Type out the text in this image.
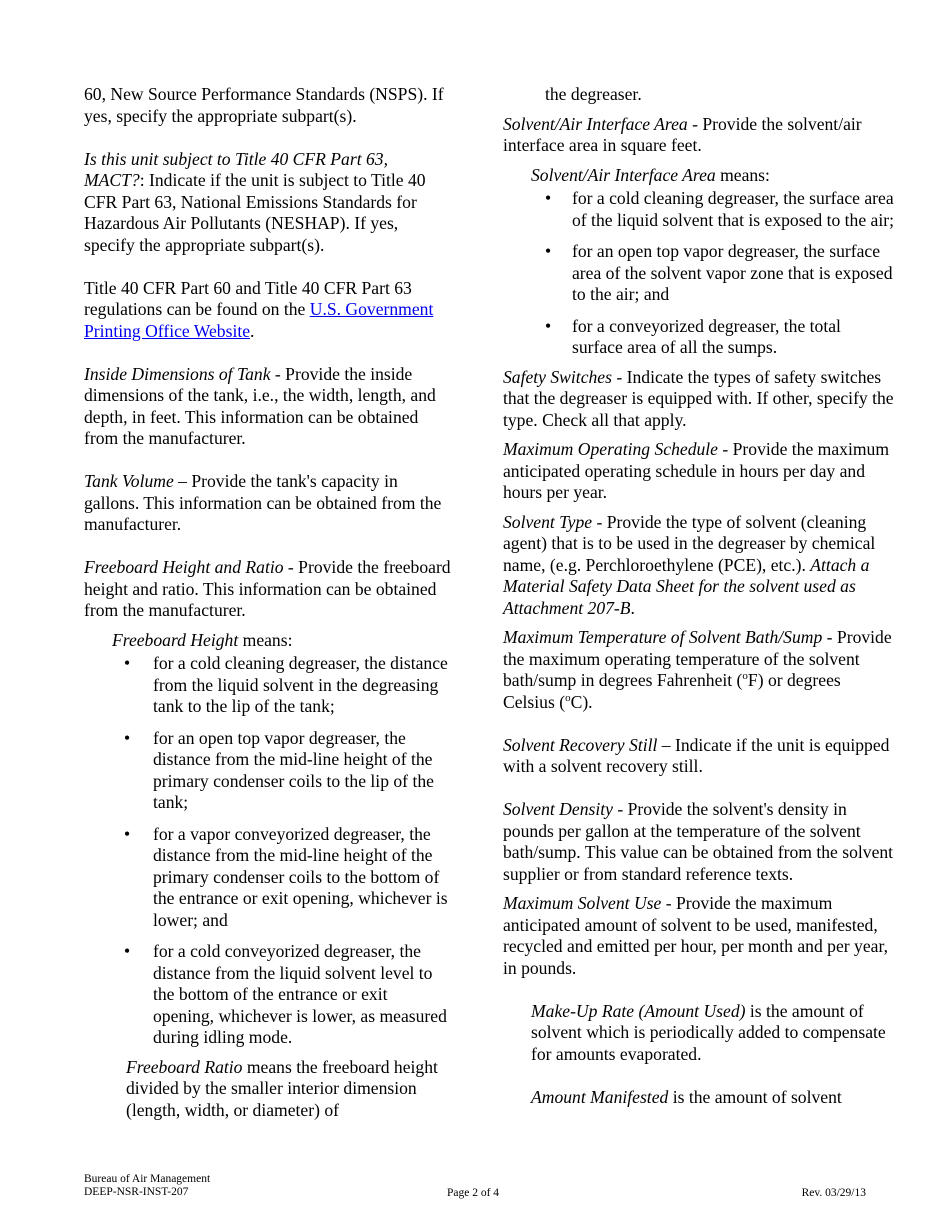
60, New Source Performance Standards (NSPS). If yes, specify the appropriate subpart(s).

Is this unit subject to Title 40 CFR Part 63, MACT?: Indicate if the unit is subject to Title 40 CFR Part 63, National Emissions Standards for Hazardous Air Pollutants (NESHAP). If yes, specify the appropriate subpart(s).

Title 40 CFR Part 60 and Title 40 CFR Part 63 regulations can be found on the U.S. Government Printing Office Website.

Inside Dimensions of Tank - Provide the inside dimensions of the tank, i.e., the width, length, and depth, in feet. This information can be obtained from the manufacturer.

Tank Volume – Provide the tank's capacity in gallons. This information can be obtained from the manufacturer.

Freeboard Height and Ratio - Provide the freeboard height and ratio. This information can be obtained from the manufacturer.

Freeboard Height means:

• for a cold cleaning degreaser, the distance from the liquid solvent in the degreasing tank to the lip of the tank;
• for an open top vapor degreaser, the distance from the mid-line height of the primary condenser coils to the lip of the tank;
• for a vapor conveyorized degreaser, the distance from the mid-line height of the primary condenser coils to the bottom of the entrance or exit opening, whichever is lower; and
• for a cold conveyorized degreaser, the distance from the liquid solvent level to the bottom of the entrance or exit opening, whichever is lower, as measured during idling mode.

Freeboard Ratio means the freeboard height divided by the smaller interior dimension (length, width, or diameter) of

the degreaser.

Solvent/Air Interface Area - Provide the solvent/air interface area in square feet.

Solvent/Air Interface Area means:

• for a cold cleaning degreaser, the surface area of the liquid solvent that is exposed to the air;
• for an open top vapor degreaser, the surface area of the solvent vapor zone that is exposed to the air; and
• for a conveyorized degreaser, the total surface area of all the sumps.

Safety Switches - Indicate the types of safety switches that the degreaser is equipped with. If other, specify the type. Check all that apply.

Maximum Operating Schedule - Provide the maximum anticipated operating schedule in hours per day and hours per year.

Solvent Type - Provide the type of solvent (cleaning agent) that is to be used in the degreaser by chemical name, (e.g. Perchloroethylene (PCE), etc.). Attach a Material Safety Data Sheet for the solvent used as Attachment 207-B.

Maximum Temperature of Solvent Bath/Sump - Provide the maximum operating temperature of the solvent bath/sump in degrees Fahrenheit ($^o$F) or degrees Celsius ($^o$C).

Solvent Recovery Still – Indicate if the unit is equipped with a solvent recovery still.

Solvent Density - Provide the solvent's density in pounds per gallon at the temperature of the solvent bath/sump. This value can be obtained from the solvent supplier or from standard reference texts.

Maximum Solvent Use - Provide the maximum anticipated amount of solvent to be used, manifested, recycled and emitted per hour, per month and per year, in pounds.

Make-Up Rate (Amount Used) is the amount of solvent which is periodically added to compensate for amounts evaporated.

Amount Manifested is the amount of solvent

Bureau of Air Management
DEEP-NSR-INST-207	Page 2 of 4	Rev. 03/29/13
